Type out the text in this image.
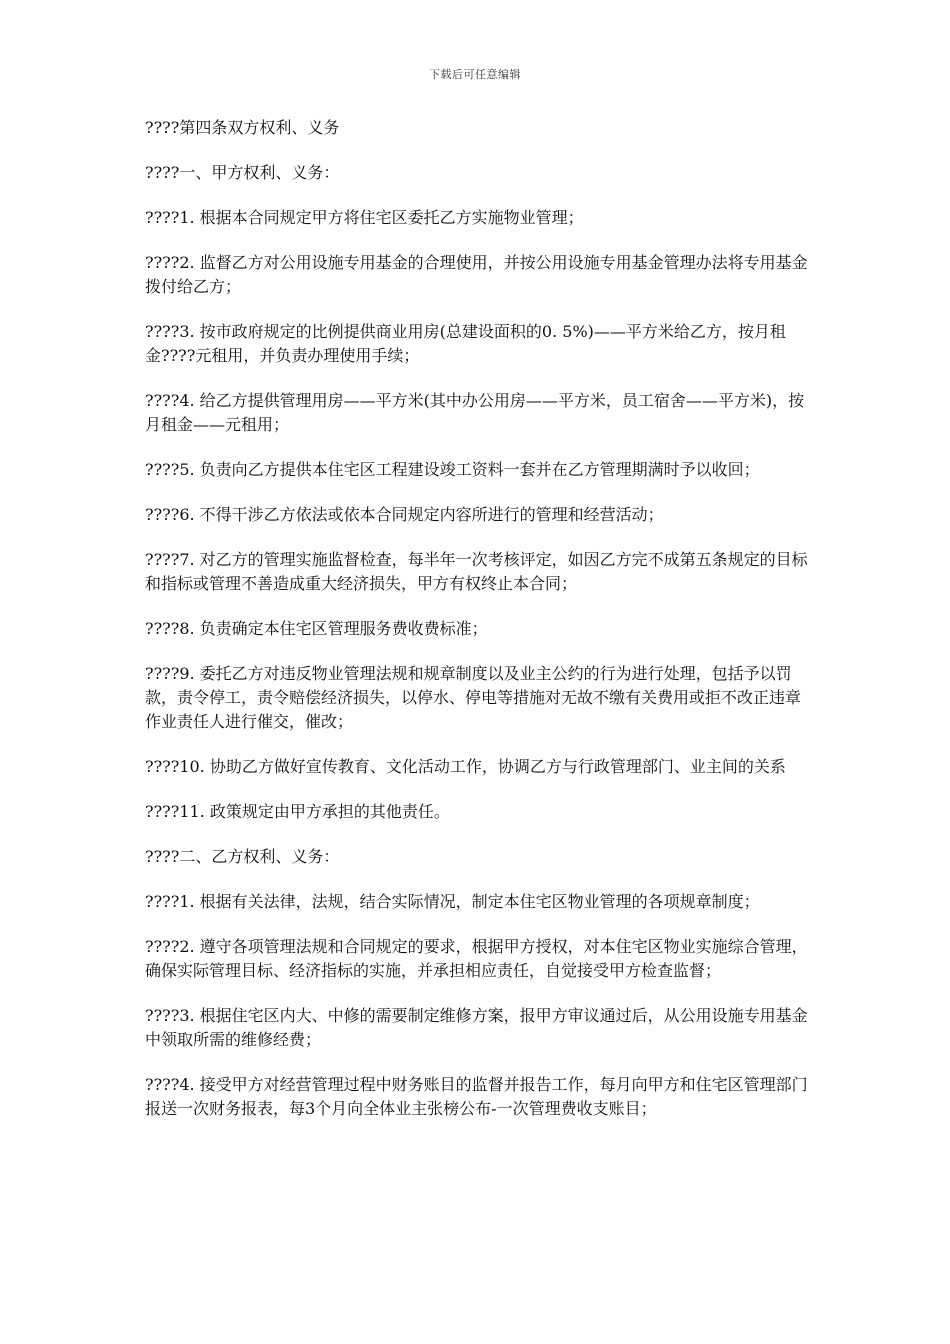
下载后可任意编辑

????第四条双方权利、义务

????一、甲方权利、义务：

????1. 根据本合同规定甲方将住宅区委托乙方实施物业管理；

????2. 监督乙方对公用设施专用基金的合理使用，并按公用设施专用基金管理办法将专用基金拨付给乙方；

????3. 按市政府规定的比例提供商业用房(总建设面积的0. 5%)——平方米给乙方，按月租金????元租用，并负责办理使用手续；

????4. 给乙方提供管理用房——平方米(其中办公用房——平方米，员工宿舍——平方米)，按月租金——元租用；

????5. 负责向乙方提供本住宅区工程建设竣工资料一套并在乙方管理期满时予以收回；

????6. 不得干涉乙方依法或依本合同规定内容所进行的管理和经营活动；

????7. 对乙方的管理实施监督检查，每半年一次考核评定，如因乙方完不成第五条规定的目标和指标或管理不善造成重大经济损失，甲方有权终止本合同；

????8. 负责确定本住宅区管理服务费收费标准；

????9. 委托乙方对违反物业管理法规和规章制度以及业主公约的行为进行处理，包括予以罚款，责令停工，责令赔偿经济损失，以停水、停电等措施对无故不缴有关费用或拒不改正违章作业责任人进行催交，催改；

????10. 协助乙方做好宣传教育、文化活动工作，协调乙方与行政管理部门、业主间的关系

????11. 政策规定由甲方承担的其他责任。

????二、乙方权利、义务：

????1. 根据有关法律，法规，结合实际情况，制定本住宅区物业管理的各项规章制度；

????2. 遵守各项管理法规和合同规定的要求，根据甲方授权，对本住宅区物业实施综合管理，确保实际管理目标、经济指标的实施，并承担相应责任，自觉接受甲方检查监督；

????3. 根据住宅区内大、中修的需要制定维修方案，报甲方审议通过后，从公用设施专用基金中领取所需的维修经费；

????4. 接受甲方对经营管理过程中财务账目的监督并报告工作，每月向甲方和住宅区管理部门报送一次财务报表，每3个月向全体业主张榜公布-一次管理费收支账目；
